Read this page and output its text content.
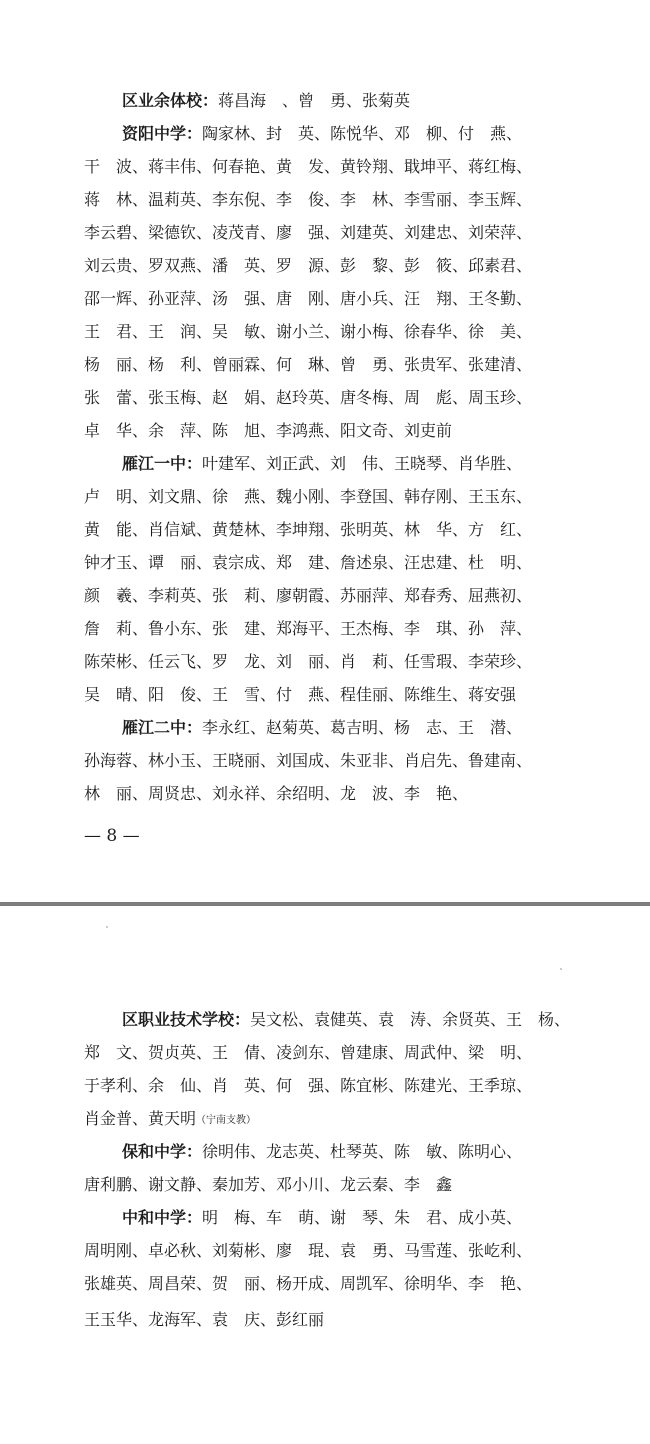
区业余体校：蒋昌海　、曾　勇、张菊英
资阳中学：陶家林、封　英、陈悦华、邓　柳、付　燕、
干　波、蒋丰伟、何春艳、黄　发、黄铃翔、戢坤平、蒋红梅、
蒋　林、温莉英、李东倪、李　俊、李　林、李雪丽、李玉辉、
李云碧、梁德钦、凌茂青、廖　强、刘建英、刘建忠、刘荣萍、
刘云贵、罗双燕、潘　英、罗　源、彭　黎、彭　筱、邱素君、
邵一辉、孙亚萍、汤　强、唐　刚、唐小兵、汪　翔、王冬勤、
王　君、王　润、吴　敏、谢小兰、谢小梅、徐春华、徐　美、
杨　丽、杨　利、曾丽霖、何　琳、曾　勇、张贵军、张建清、
张　蕾、张玉梅、赵　娟、赵玲英、唐冬梅、周　彪、周玉珍、
卓　华、余　萍、陈　旭、李鸿燕、阳文奇、刘吏前
雁江一中：叶建军、刘正武、刘　伟、王晓琴、肖华胜、
卢　明、刘文鼎、徐　燕、魏小刚、李登国、韩存刚、王玉东、
黄　能、肖信斌、黄楚林、李坤翔、张明英、林　华、方　红、
钟才玉、谭　丽、袁宗成、郑　建、詹述泉、汪忠建、杜　明、
颜　羲、李莉英、张　莉、廖朝霞、苏丽萍、郑春秀、屈燕初、
詹　莉、鲁小东、张　建、郑海平、王杰梅、李　琪、孙　萍、
陈荣彬、任云飞、罗　龙、刘　丽、肖　莉、任雪瑕、李荣珍、
吴　晴、阳　俊、王　雪、付　燕、程佳丽、陈维生、蒋安强
雁江二中：李永红、赵菊英、葛吉明、杨　志、王　潜、
孙海蓉、林小玉、王晓丽、刘国成、朱亚非、肖启先、鲁建南、
林　丽、周贤忠、刘永祥、余绍明、龙　波、李　艳、
— 8 —
区职业技术学校：吴文松、袁健英、袁　涛、余贤英、王　杨、
郑　文、贺贞英、王　倩、凌剑东、曾建康、周武仲、梁　明、
于孝利、余　仙、肖　英、何　强、陈宜彬、陈建光、王季琼、
肖金普、黄天明（宁南支教）
保和中学：徐明伟、龙志英、杜琴英、陈　敏、陈明心、
唐利鹏、谢文静、秦加芳、邓小川、龙云秦、李　鑫
中和中学：明　梅、车　萌、谢　琴、朱　君、成小英、
周明刚、卓必秋、刘菊彬、廖　琨、袁　勇、马雪莲、张屹利、
张雄英、周昌荣、贺　丽、杨开成、周凯军、徐明华、李　艳、
王玉华、龙海军、袁　庆、彭红丽
